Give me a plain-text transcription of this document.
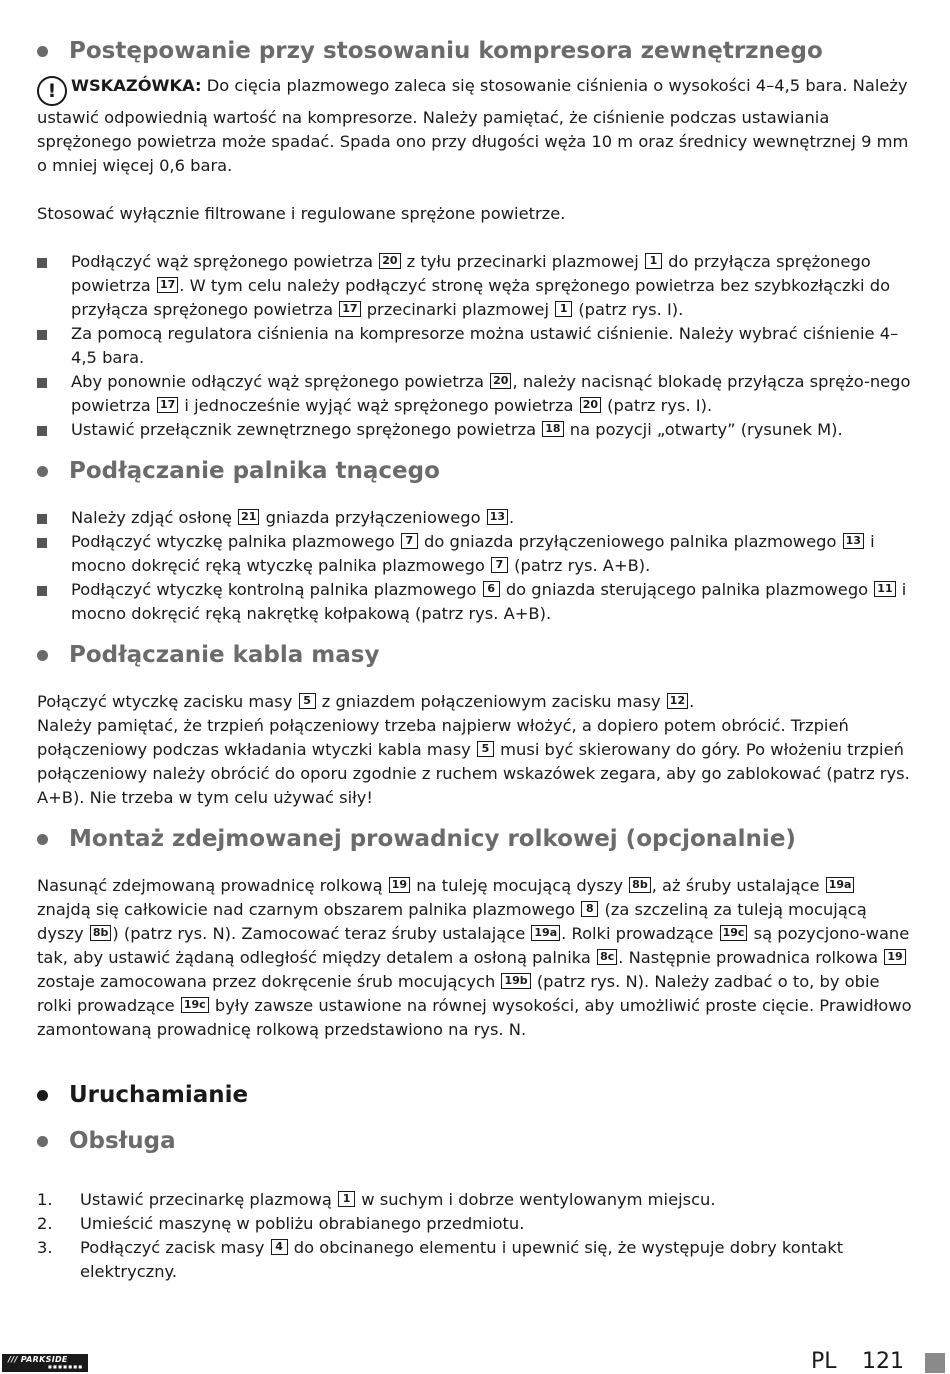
Postępowanie przy stosowaniu kompresora zewnętrznego

! WSKAZÓWKA: Do cięcia plazmowego zaleca się stosowanie ciśnienia o wysokości 4–4,5 bara. Należy ustawić odpowiednią wartość na kompresorze. Należy pamiętać, że ciśnienie podczas ustawiania sprężonego powietrza może spadać. Spada ono przy długości węża 10 m oraz średnicy wewnętrznej 9 mm o mniej więcej 0,6 bara.

Stosować wyłącznie filtrowane i regulowane sprężone powietrze.

Podłączyć wąż sprężonego powietrza 20 z tyłu przecinarki plazmowej 1 do przyłącza sprężonego powietrza 17 . W tym celu należy podłączyć stronę węża sprężonego powietrza bez szybkozłączki do przyłącza sprężonego powietrza 17 przecinarki plazmowej 1 (patrz rys. I).
Za pomocą regulatora ciśnienia na kompresorze można ustawić ciśnienie. Należy wybrać ciśnienie 4–4,5 bara.
Aby ponownie odłączyć wąż sprężonego powietrza 20 , należy nacisnąć blokadę przyłącza sprężo-nego powietrza 17 i jednocześnie wyjąć wąż sprężonego powietrza 20 (patrz rys. I).
Ustawić przełącznik zewnętrznego sprężonego powietrza 18 na pozycji „otwarty” (rysunek M).
Podłączanie palnika tnącego
Należy zdjąć osłonę 21 gniazda przyłączeniowego 13 .
Podłączyć wtyczkę palnika plazmowego 7 do gniazda przyłączeniowego palnika plazmowego 13 i mocno dokręcić ręką wtyczkę palnika plazmowego 7 (patrz rys. A+B).
Podłączyć wtyczkę kontrolną palnika plazmowego 6 do gniazda sterującego palnika plazmowego 11 i mocno dokręcić ręką nakrętkę kołpakową (patrz rys. A+B).
Podłączanie kabla masy

Połączyć wtyczkę zacisku masy 5 z gniazdem połączeniowym zacisku masy 12 .
Należy pamiętać, że trzpień połączeniowy trzeba najpierw włożyć, a dopiero potem obrócić. Trzpień połączeniowy podczas wkładania wtyczki kabla masy 5 musi być skierowany do góry. Po włożeniu trzpień połączeniowy należy obrócić do oporu zgodnie z ruchem wskazówek zegara, aby go zablokować (patrz rys. A+B). Nie trzeba w tym celu używać siły!

Montaż zdejmowanej prowadnicy rolkowej (opcjonalnie)

Nasunąć zdejmowaną prowadnicę rolkową 19 na tuleję mocującą dyszy 8b , aż śruby ustalające 19a znajdą się całkowicie nad czarnym obszarem palnika plazmowego 8 (za szczeliną za tuleją mocującą dyszy 8b ) (patrz rys. N). Zamocować teraz śruby ustalające 19a . Rolki prowadzące 19c są pozycjono-wane tak, aby ustawić żądaną odległość między detalem a osłoną palnika 8c . Następnie prowadnica rolkowa 19 zostaje zamocowana przez dokręcenie śrub mocujących 19b (patrz rys. N). Należy zadbać o to, by obie rolki prowadzące 19c były zawsze ustawione na równej wysokości, aby umożliwić proste cięcie. Prawidłowo zamontowaną prowadnicę rolkową przedstawiono na rys. N.

Uruchamianie
Obsługa
1. Ustawić przecinarkę plazmową 1 w suchym i dobrze wentylowanym miejscu.
2. Umieścić maszynę w pobliżu obrabianego przedmiotu.
3. Podłączyć zacisk masy 4 do obcinanego elementu i upewnić się, że występuje dobry kontakt elektryczny.
/// PARKSIDE
■ ■ ■ ■ ■ ■ ■	PL 121
